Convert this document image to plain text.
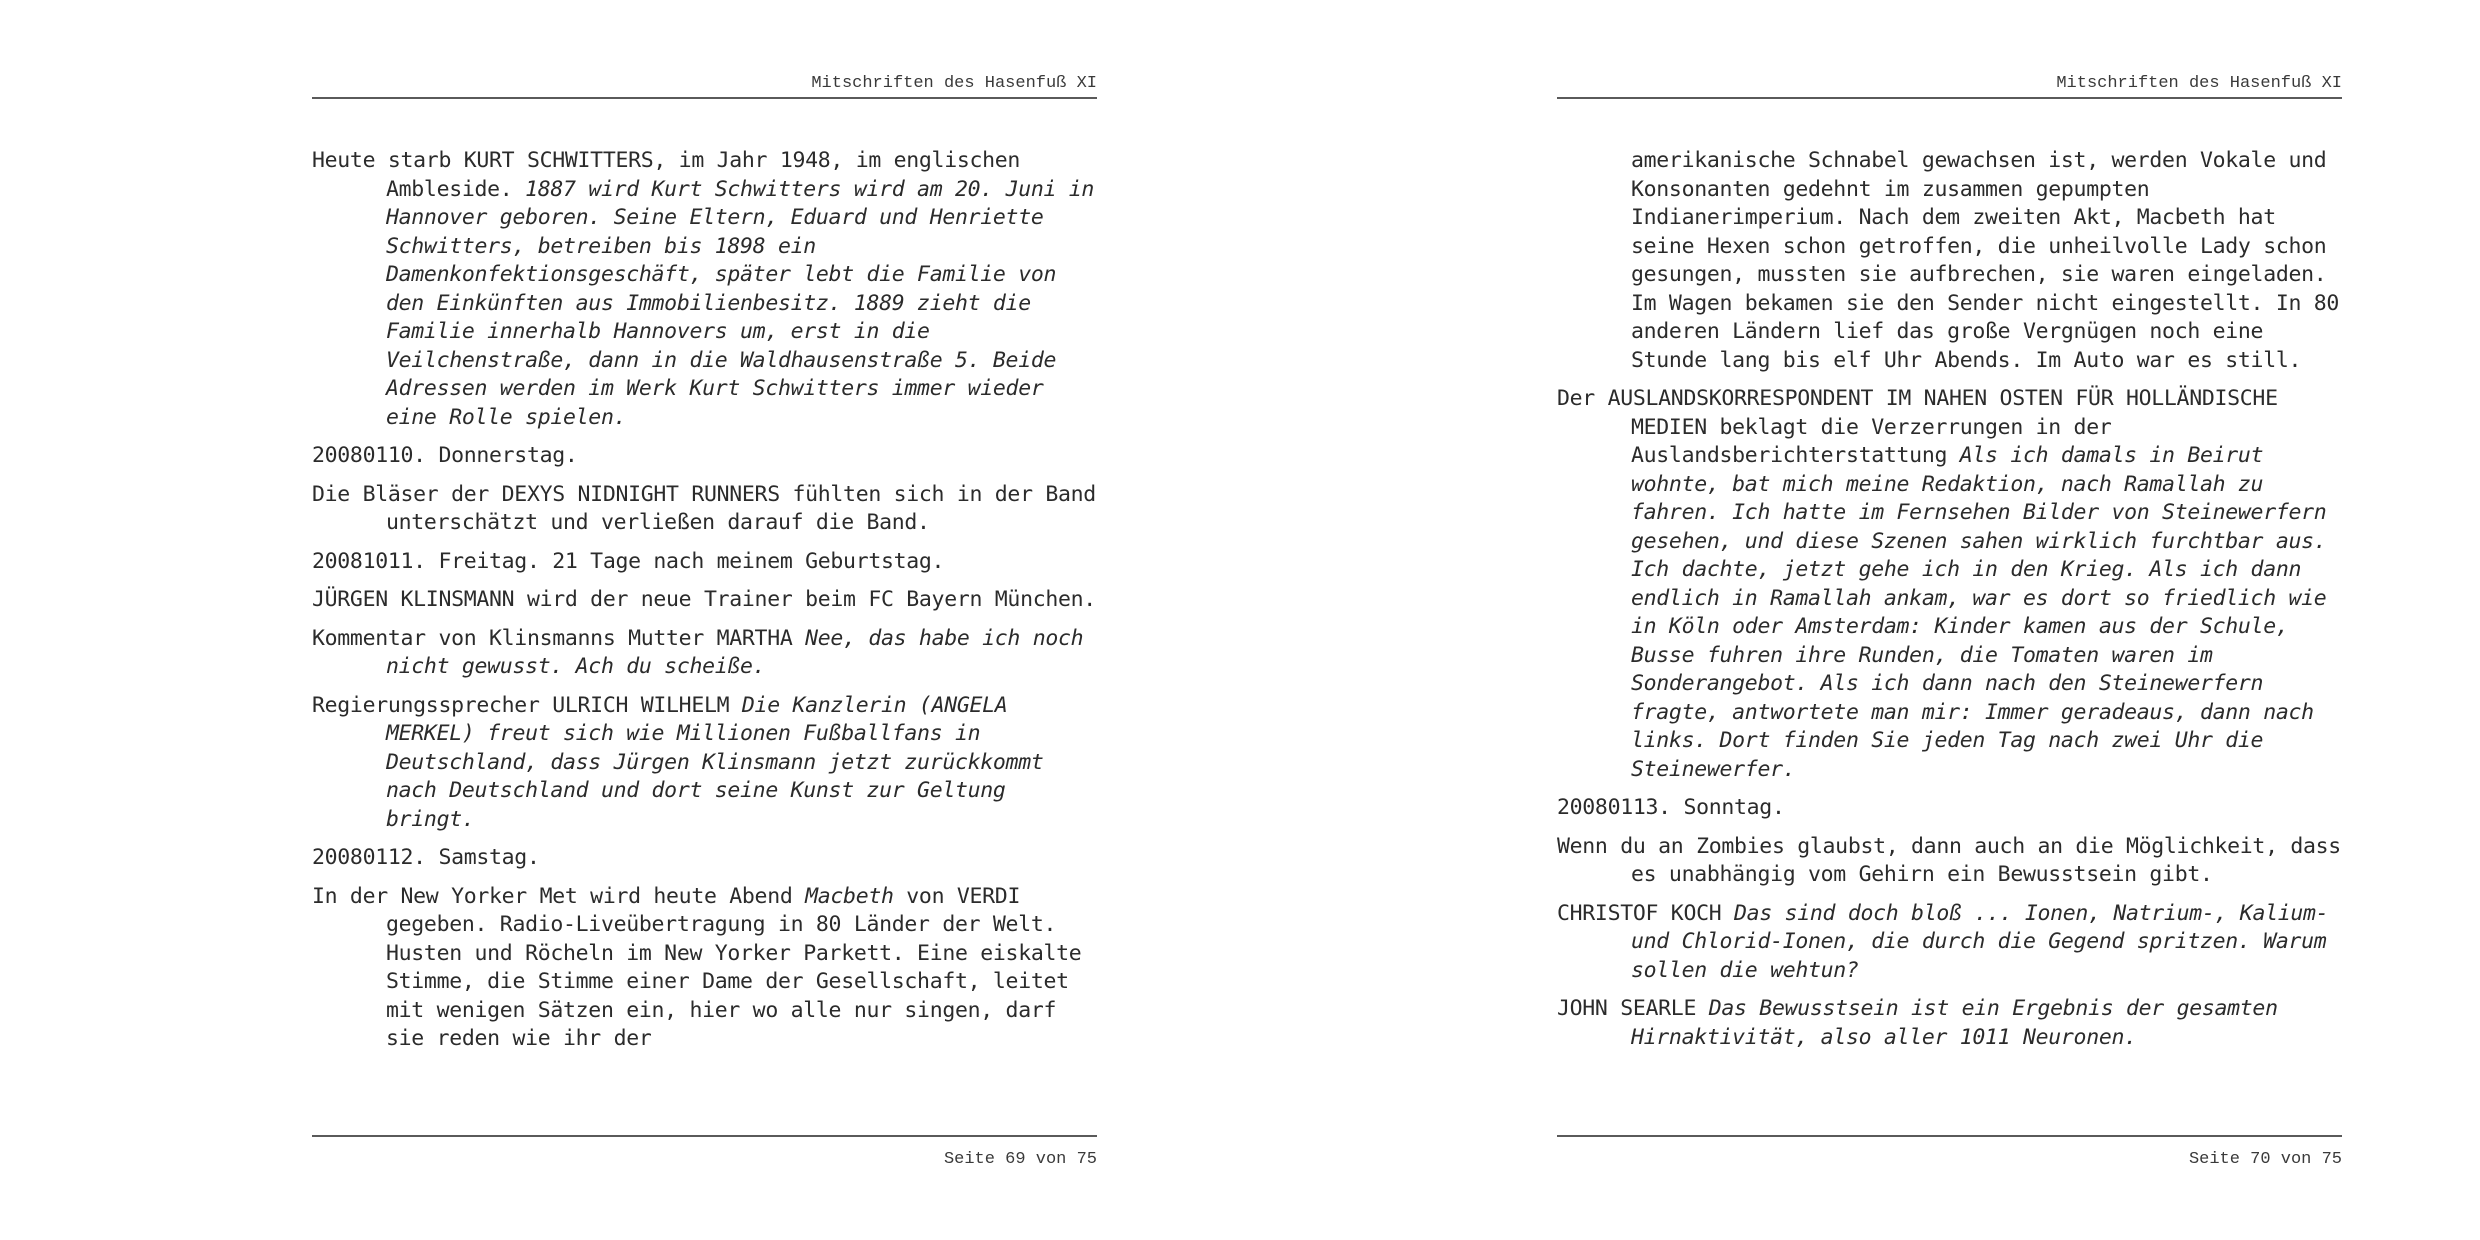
Mitschriften des Hasenfuß XI

Heute starb KURT SCHWITTERS, im Jahr 1948, im englischen Ambleside. 1887 wird Kurt Schwitters wird am 20. Juni in Hannover geboren. Seine Eltern, Eduard und Henriette Schwitters, betreiben bis 1898 ein Damenkonfektionsgeschäft, später lebt die Familie von den Einkünften aus Immobilienbesitz. 1889 zieht die Familie innerhalb Hannovers um, erst in die Veilchenstraße, dann in die Waldhausenstraße 5. Beide Adressen werden im Werk Kurt Schwitters immer wieder eine Rolle spielen.

20080110. Donnerstag.

Die Bläser der DEXYS NIDNIGHT RUNNERS fühlten sich in der Band unterschätzt und verließen darauf die Band.

20081011. Freitag. 21 Tage nach meinem Geburtstag.

JÜRGEN KLINSMANN wird der neue Trainer beim FC Bayern München.

Kommentar von Klinsmanns Mutter MARTHA Nee, das habe ich noch nicht gewusst. Ach du scheiße.

Regierungssprecher ULRICH WILHELM Die Kanzlerin (ANGELA MERKEL) freut sich wie Millionen Fußballfans in Deutschland, dass Jürgen Klinsmann jetzt zurückkommt nach Deutschland und dort seine Kunst zur Geltung bringt.

20080112. Samstag.

In der New Yorker Met wird heute Abend Macbeth von VERDI gegeben. Radio-Liveübertragung in 80 Länder der Welt. Husten und Röcheln im New Yorker Parkett. Eine eiskalte Stimme, die Stimme einer Dame der Gesellschaft, leitet mit wenigen Sätzen ein, hier wo alle nur singen, darf sie reden wie ihr der

Seite 69 von 75
Mitschriften des Hasenfuß XI

amerikanische Schnabel gewachsen ist, werden Vokale und Konsonanten gedehnt im zusammen gepumpten Indianerimperium. Nach dem zweiten Akt, Macbeth hat seine Hexen schon getroffen, die unheilvolle Lady schon gesungen, mussten sie aufbrechen, sie waren eingeladen. Im Wagen bekamen sie den Sender nicht eingestellt. In 80 anderen Ländern lief das große Vergnügen noch eine Stunde lang bis elf Uhr Abends. Im Auto war es still.

Der AUSLANDSKORRESPONDENT IM NAHEN OSTEN FÜR HOLLÄNDISCHE MEDIEN beklagt die Verzerrungen in der Auslandsberichterstattung Als ich damals in Beirut wohnte, bat mich meine Redaktion, nach Ramallah zu fahren. Ich hatte im Fernsehen Bilder von Steinewerfern gesehen, und diese Szenen sahen wirklich furchtbar aus. Ich dachte, jetzt gehe ich in den Krieg. Als ich dann endlich in Ramallah ankam, war es dort so friedlich wie in Köln oder Amsterdam: Kinder kamen aus der Schule, Busse fuhren ihre Runden, die Tomaten waren im Sonderangebot. Als ich dann nach den Steinewerfern fragte, antwortete man mir: Immer geradeaus, dann nach links. Dort finden Sie jeden Tag nach zwei Uhr die Steinewerfer.

20080113. Sonntag.

Wenn du an Zombies glaubst, dann auch an die Möglichkeit, dass es unabhängig vom Gehirn ein Bewusstsein gibt.

CHRISTOF KOCH Das sind doch bloß ... Ionen, Natrium-, Kalium- und Chlorid-Ionen, die durch die Gegend spritzen. Warum sollen die wehtun?

JOHN SEARLE Das Bewusstsein ist ein Ergebnis der gesamten Hirnaktivität, also aller 1011 Neuronen.

Seite 70 von 75
